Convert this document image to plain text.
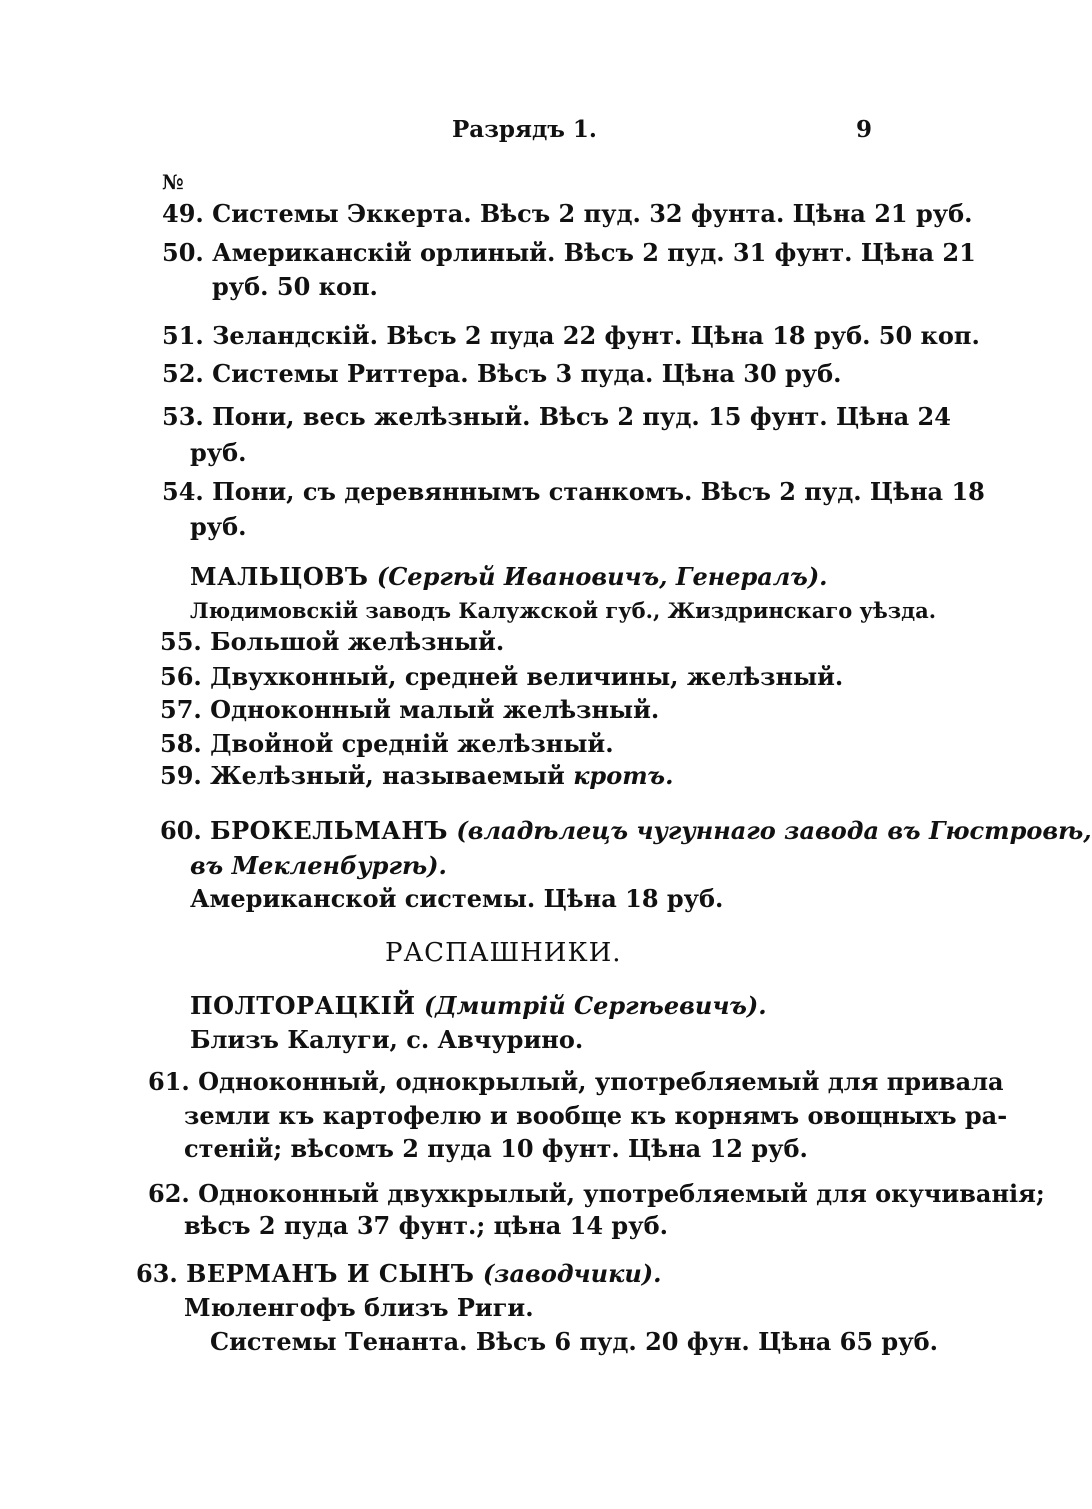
Разрядъ 1.	9
№
49. Системы Эккерта. Вѣсъ 2 пуд. 32 фунта. Цѣна 21 руб.
50. Американскій орлиный. Вѣсъ 2 пуд. 31 фунт. Цѣна 21
руб. 50 коп.
51. Зеландскій. Вѣсъ 2 пуда 22 фунт. Цѣна 18 руб. 50 коп.
52. Системы Риттера. Вѣсъ 3 пуда. Цѣна 30 руб.
53. Пони, весь желѣзный. Вѣсъ 2 пуд. 15 фунт. Цѣна 24
руб.
54. Пони, съ деревяннымъ станкомъ. Вѣсъ 2 пуд. Цѣна 18
руб.
МАЛЬЦОВЪ (Сергѣй Ивановичъ, Генералъ).
Людимовскій заводъ Калужской губ., Жиздринскаго уѣзда.
55. Большой желѣзный.
56. Двухконный, средней величины, желѣзный.
57. Одноконный малый желѣзный.
58. Двойной средній желѣзный.
59. Желѣзный, называемый кротъ.
60. БРОКЕЛЬМАНЪ (владѣлецъ чугуннаго завода въ Гюстровѣ,
въ Мекленбургѣ).
Американской системы. Цѣна 18 руб.
РАСПАШНИКИ.
ПОЛТОРАЦКІЙ (Дмитрій Сергѣевичъ).
Близъ Калуги, с. Авчурино.
61. Одноконный, однокрылый, употребляемый для привала
земли къ картофелю и вообще къ корнямъ овощныхъ ра-
стеній; вѣсомъ 2 пуда 10 фунт. Цѣна 12 руб.
62. Одноконный двухкрылый, употребляемый для окучиванія;
вѣсъ 2 пуда 37 фунт.; цѣна 14 руб.
63. ВЕРМАНЪ И СЫНЪ (заводчики).
Мюленгофъ близъ Риги.
Системы Тенанта. Вѣсъ 6 пуд. 20 фун. Цѣна 65 руб.
